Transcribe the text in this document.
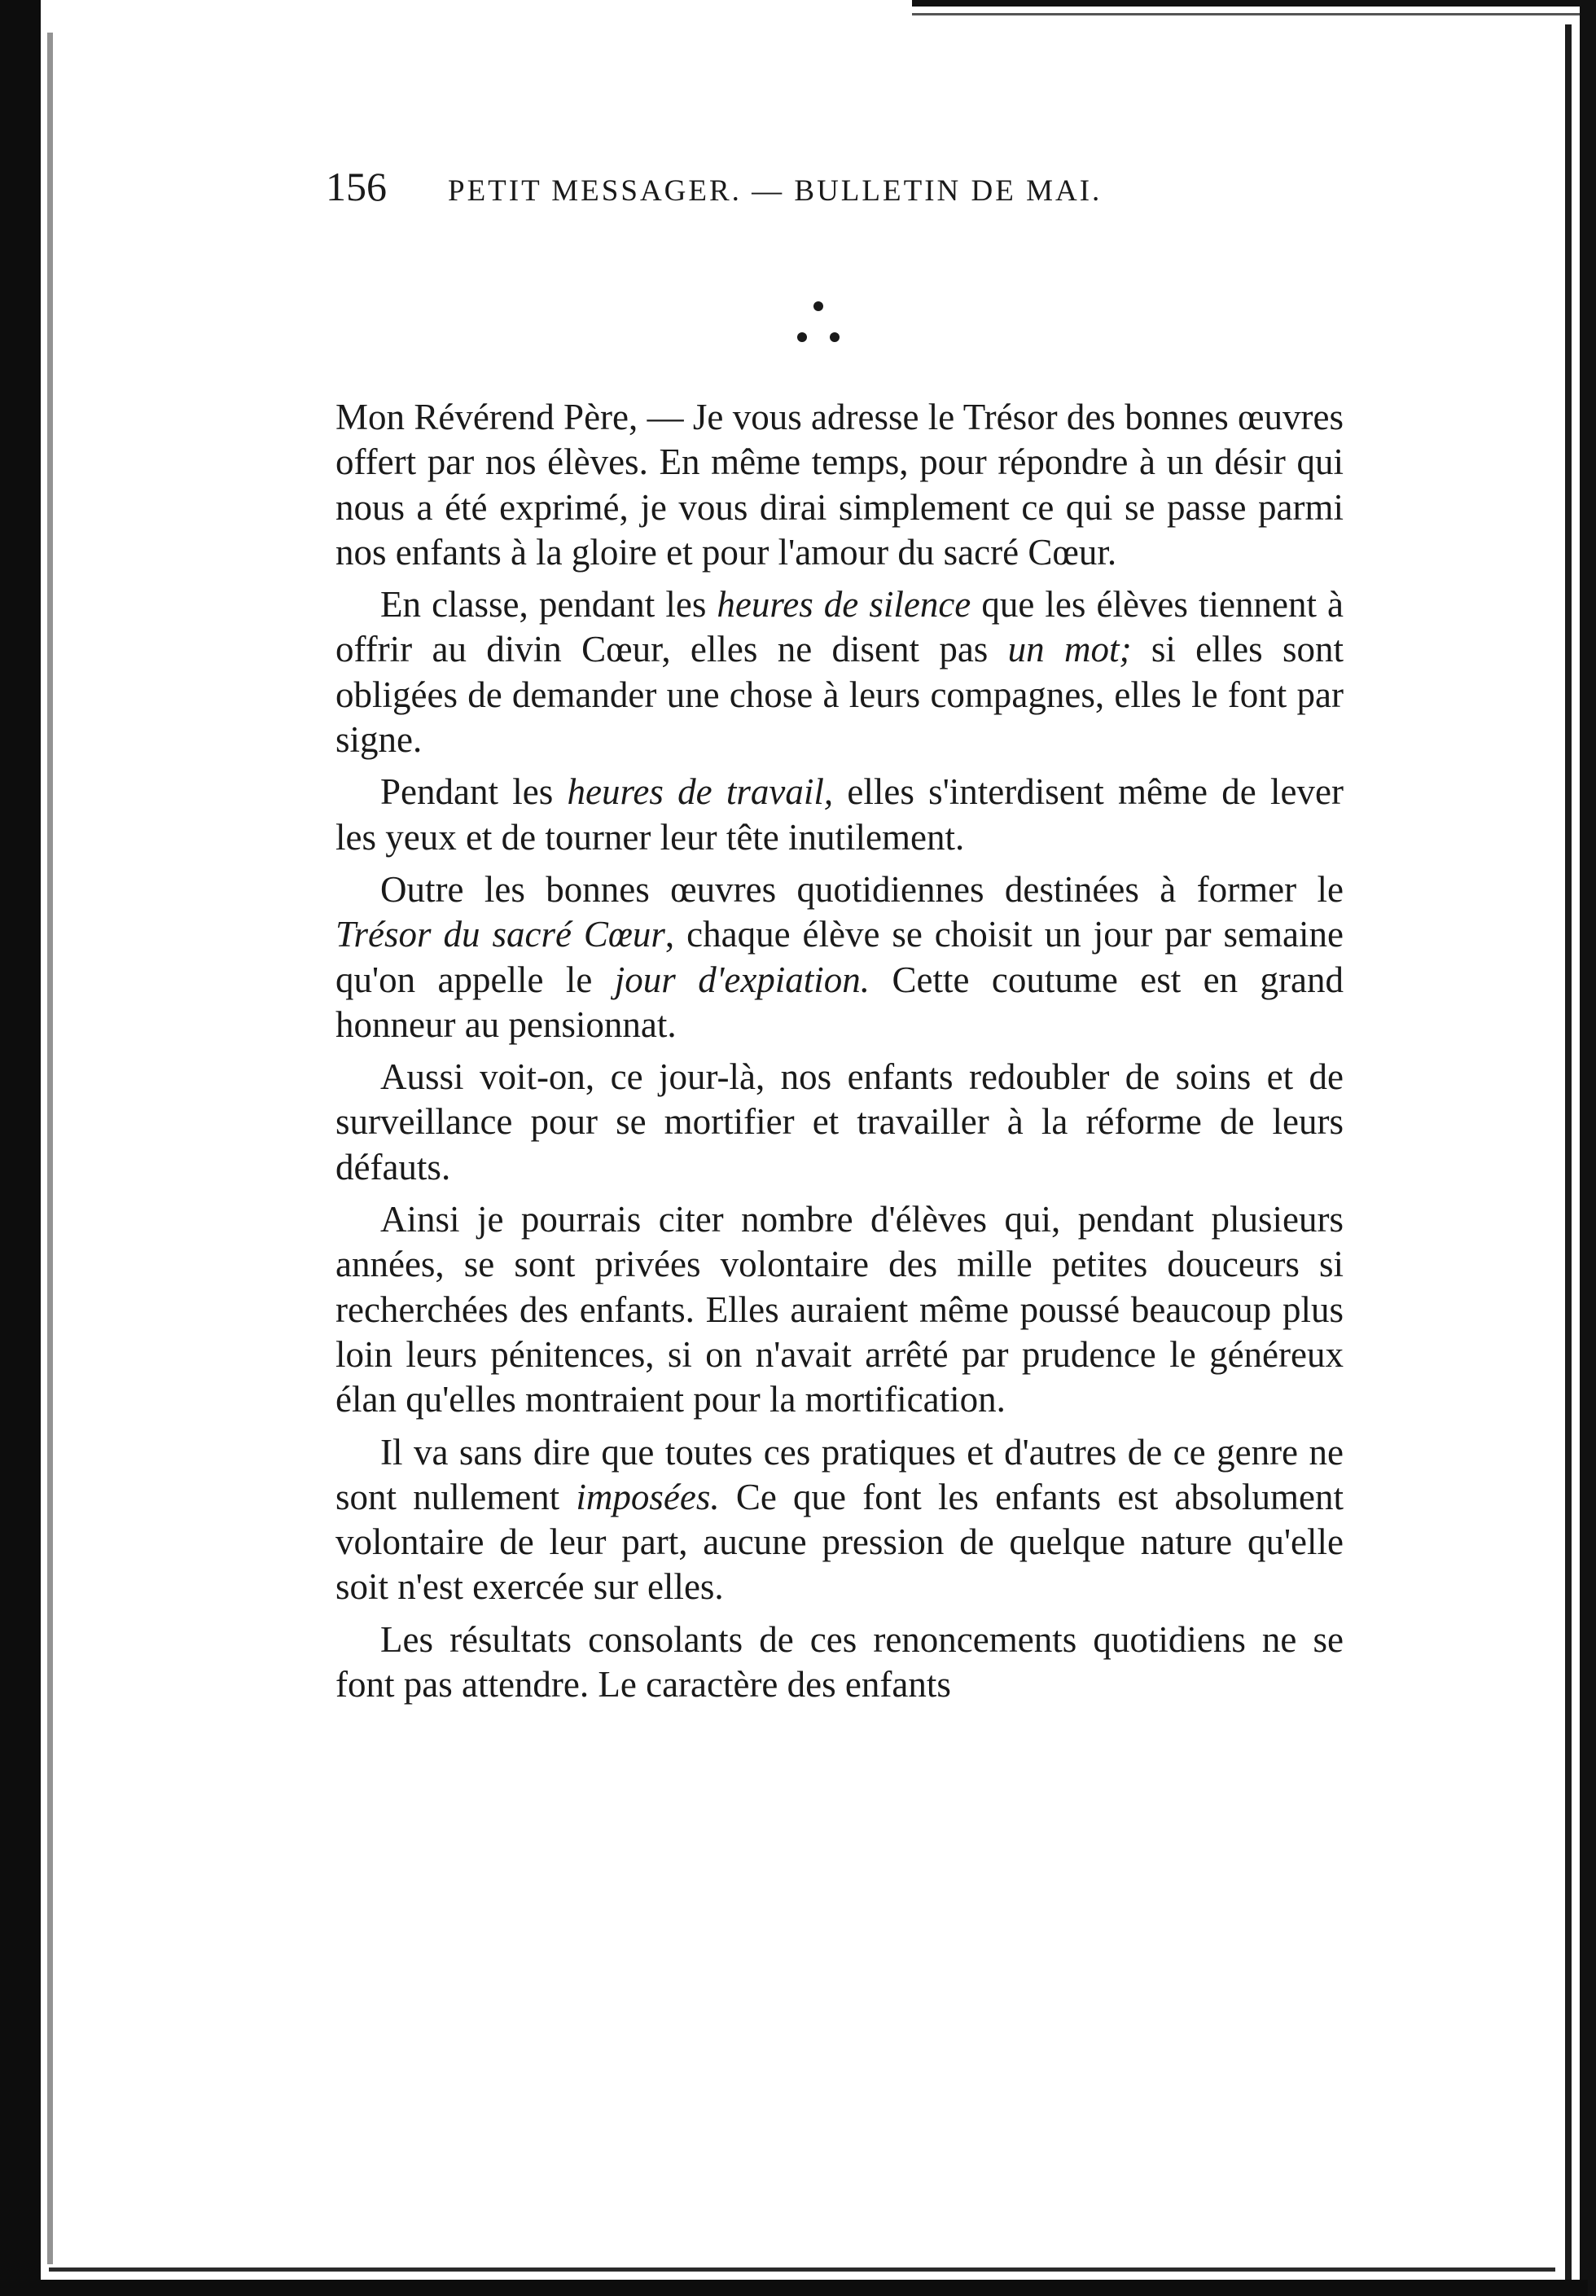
156 PETIT MESSAGER. — BULLETIN DE MAI.

Mon Révérend Père, — Je vous adresse le Trésor des bonnes œuvres offert par nos élèves. En même temps, pour répondre à un désir qui nous a été exprimé, je vous dirai simplement ce qui se passe parmi nos enfants à la gloire et pour l'amour du sacré Cœur.

En classe, pendant les heures de silence que les élèves tiennent à offrir au divin Cœur, elles ne disent pas un mot; si elles sont obligées de demander une chose à leurs compagnes, elles le font par signe.

Pendant les heures de travail, elles s'interdisent même de lever les yeux et de tourner leur tête inutilement.

Outre les bonnes œuvres quotidiennes destinées à former le Trésor du sacré Cœur, chaque élève se choisit un jour par semaine qu'on appelle le jour d'expiation. Cette coutume est en grand honneur au pensionnat.

Aussi voit-on, ce jour-là, nos enfants redoubler de soins et de surveillance pour se mortifier et travailler à la réforme de leurs défauts.

Ainsi je pourrais citer nombre d'élèves qui, pendant plusieurs années, se sont privées volontaire des mille petites douceurs si recherchées des enfants. Elles auraient même poussé beaucoup plus loin leurs pénitences, si on n'avait arrêté par prudence le généreux élan qu'elles montraient pour la mortification.

Il va sans dire que toutes ces pratiques et d'autres de ce genre ne sont nullement imposées. Ce que font les enfants est absolument volontaire de leur part, aucune pression de quelque nature qu'elle soit n'est exercée sur elles.

Les résultats consolants de ces renoncements quotidiens ne se font pas attendre. Le caractère des enfants
